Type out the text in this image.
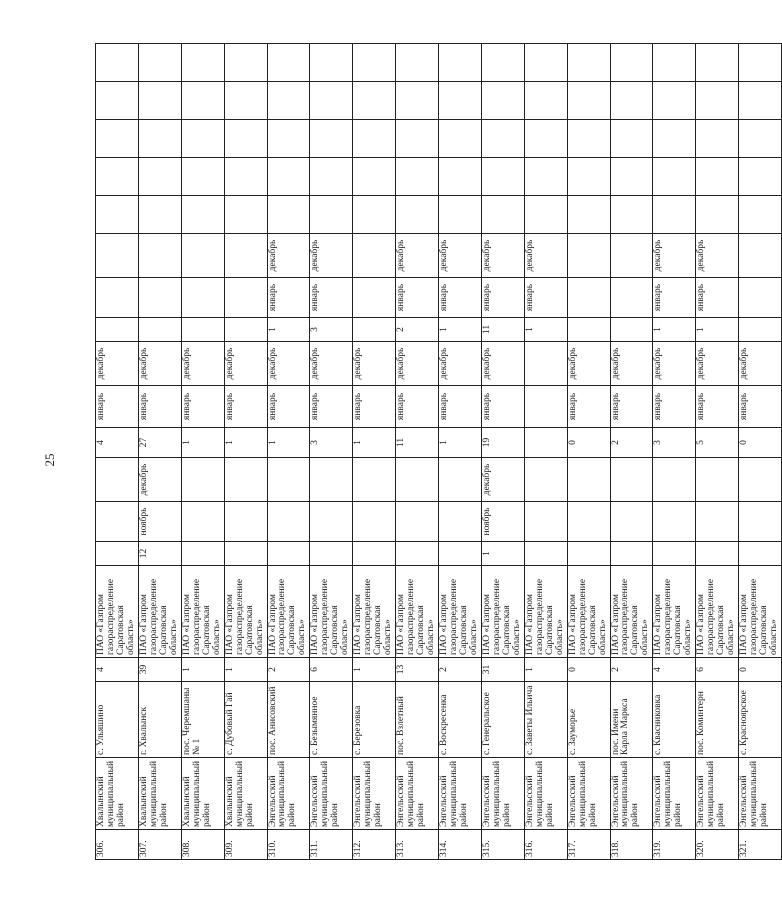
25
306.	Хвалынский муниципальный район	с. Ульяшино	4	ПАО «Газпром газораспределение Саратовская область»				4	январь	декабрь								
307.	Хвалынский муниципальный район	г. Хвалынск	39	ПАО «Газпром газораспределение Саратовская область»	12	ноябрь	декабрь	27	январь	декабрь								
308.	Хвалынский муниципальный район	пос. Черемшаны № 1	1	ПАО «Газпром газораспределение Саратовская область»				1	январь	декабрь								
309.	Хвалынский муниципальный район	с. Дубовый Гай	1	ПАО «Газпром газораспределение Саратовская область»				1	январь	декабрь								
310.	Энгельсский муниципальный район	пос. Анисовский	2	ПАО «Газпром газораспределение Саратовская область»				1	январь	декабрь	1	январь	декабрь					
311.	Энгельсский муниципальный район	с. Безымянное	6	ПАО «Газпром газораспределение Саратовская область»				3	январь	декабрь	3	январь	декабрь					
312.	Энгельсский муниципальный район	с. Березовка	1	ПАО «Газпром газораспределение Саратовская область»				1	январь	декабрь								
313.	Энгельсский муниципальный район	пос. Взлетный	13	ПАО «Газпром газораспределение Саратовская область»				11	январь	декабрь	2	январь	декабрь					
314.	Энгельсский муниципальный район	с. Воскресенка	2	ПАО «Газпром газораспределение Саратовская область»				1	январь	декабрь	1	январь	декабрь					
315.	Энгельсский муниципальный район	с. Генеральское	31	ПАО «Газпром газораспределение Саратовская область»	1	ноябрь	декабрь	19	январь	декабрь	11	январь	декабрь					
316.	Энгельсский муниципальный район	с. Заветы Ильича	1	ПАО «Газпром газораспределение Саратовская область»							1	январь	декабрь					
317.	Энгельсский муниципальный район	с. Зауморье	0	ПАО «Газпром газораспределение Саратовская область»				0	январь	декабрь								
318.	Энгельсский муниципальный район	пос. Имени Карла Маркса	2	ПАО «Газпром газораспределение Саратовская область»				2	январь	декабрь								
319.	Энгельсский муниципальный район	с. Квасниковка	4	ПАО «Газпром газораспределение Саратовская область»				3	январь	декабрь	1	январь	декабрь					
320.	Энгельсский муниципальный район	пос. Коминтерн	6	ПАО «Газпром газораспределение Саратовская область»				5	январь	декабрь	1	январь	декабрь					
321.	Энгельсский муниципальный район	с. Красноярское	0	ПАО «Газпром газораспределение Саратовская область»				0	январь	декабрь								
